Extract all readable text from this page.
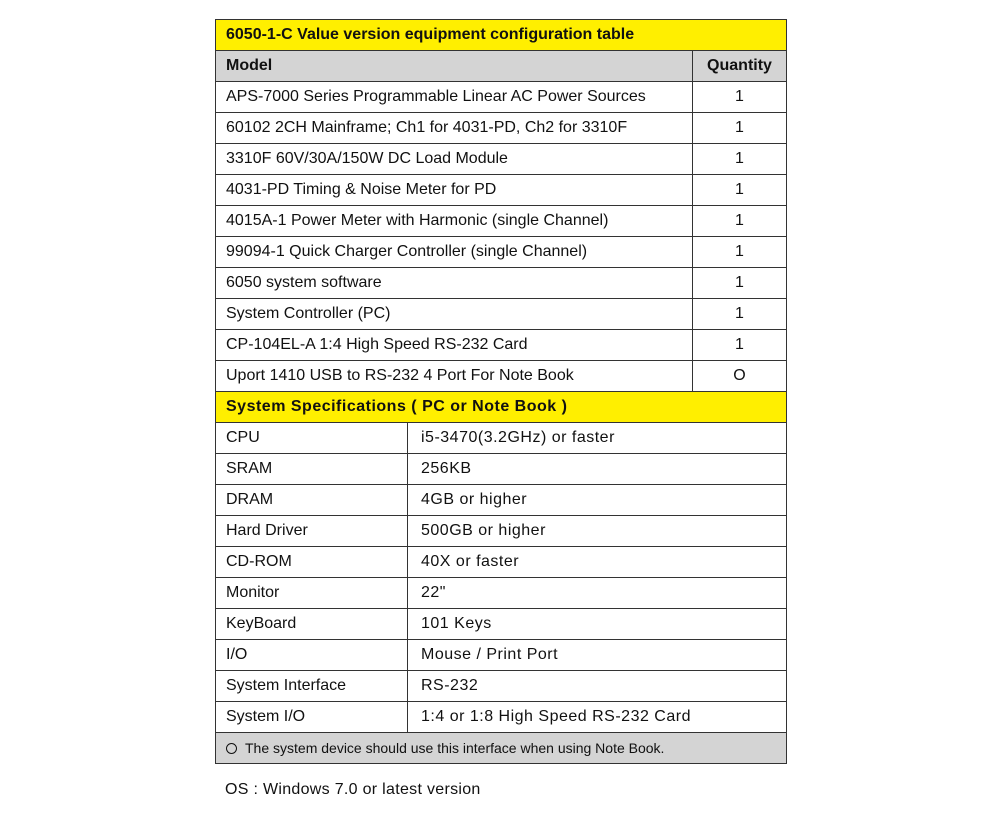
6050-1-C Value version equipment configuration table
Model	Quantity
APS-7000 Series Programmable Linear AC Power Sources	1
60102 2CH Mainframe; Ch1 for 4031-PD, Ch2 for 3310F	1
3310F 60V/30A/150W DC Load Module	1
4031-PD Timing & Noise Meter for PD	1
4015A-1 Power Meter with Harmonic (single Channel)	1
99094-1 Quick Charger Controller (single Channel)	1
6050 system software	1
System Controller (PC)	1
CP-104EL-A 1:4 High Speed RS-232 Card	1
Uport 1410 USB to RS-232 4 Port For Note Book	O
System Specifications ( PC or Note Book )
CPU	i5-3470(3.2GHz) or faster
SRAM	256KB
DRAM	4GB or higher
Hard Driver	500GB or higher
CD-ROM	40X or faster
Monitor	22"
KeyBoard	101 Keys
I/O	Mouse / Print Port
System Interface	RS-232
System I/O	1:4 or 1:8 High Speed RS-232 Card
The system device should use this interface when using Note Book.
OS : Windows 7.0 or latest version
